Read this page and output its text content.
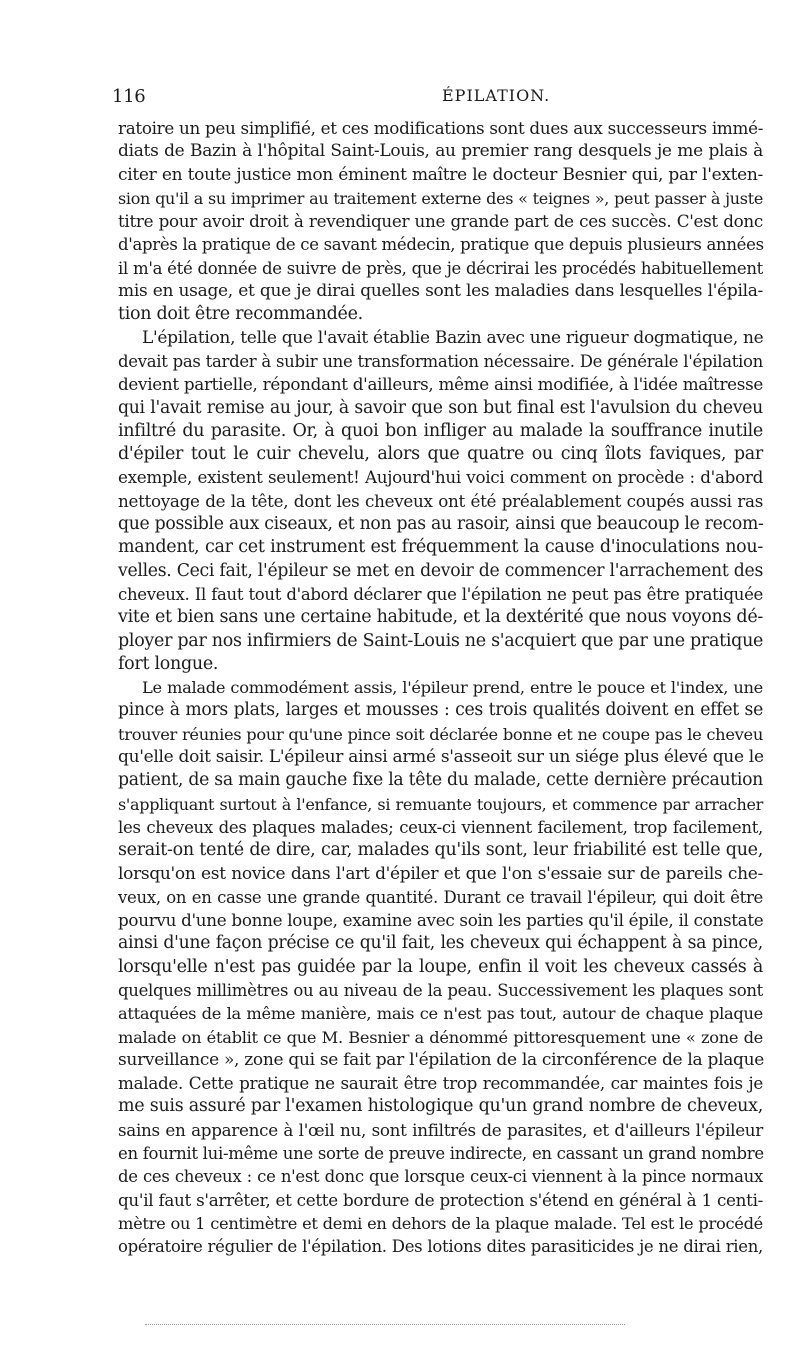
116	ÉPILATION.
ratoire un peu simplifié, et ces modifications sont dues aux successeurs immé-
diats de Bazin à l'hôpital Saint-Louis, au premier rang desquels je me plais à
citer en toute justice mon éminent maître le docteur Besnier qui, par l'exten-
sion qu'il a su imprimer au traitement externe des « teignes », peut passer à juste
titre pour avoir droit à revendiquer une grande part de ces succès. C'est donc
d'après la pratique de ce savant médecin, pratique que depuis plusieurs années
il m'a été donnée de suivre de près, que je décrirai les procédés habituellement
mis en usage, et que je dirai quelles sont les maladies dans lesquelles l'épila-
tion doit être recommandée.
L'épilation, telle que l'avait établie Bazin avec une rigueur dogmatique, ne
devait pas tarder à subir une transformation nécessaire. De générale l'épilation
devient partielle, répondant d'ailleurs, même ainsi modifiée, à l'idée maîtresse
qui l'avait remise au jour, à savoir que son but final est l'avulsion du cheveu
infiltré du parasite. Or, à quoi bon infliger au malade la souffrance inutile
d'épiler tout le cuir chevelu, alors que quatre ou cinq îlots faviques, par
exemple, existent seulement! Aujourd'hui voici comment on procède : d'abord
nettoyage de la tête, dont les cheveux ont été préalablement coupés aussi ras
que possible aux ciseaux, et non pas au rasoir, ainsi que beaucoup le recom-
mandent, car cet instrument est fréquemment la cause d'inoculations nou-
velles. Ceci fait, l'épileur se met en devoir de commencer l'arrachement des
cheveux. Il faut tout d'abord déclarer que l'épilation ne peut pas être pratiquée
vite et bien sans une certaine habitude, et la dextérité que nous voyons dé-
ployer par nos infirmiers de Saint-Louis ne s'acquiert que par une pratique
fort longue.
Le malade commodément assis, l'épileur prend, entre le pouce et l'index, une
pince à mors plats, larges et mousses : ces trois qualités doivent en effet se
trouver réunies pour qu'une pince soit déclarée bonne et ne coupe pas le cheveu
qu'elle doit saisir. L'épileur ainsi armé s'asseoit sur un siége plus élevé que le
patient, de sa main gauche fixe la tête du malade, cette dernière précaution
s'appliquant surtout à l'enfance, si remuante toujours, et commence par arracher
les cheveux des plaques malades; ceux-ci viennent facilement, trop facilement,
serait-on tenté de dire, car, malades qu'ils sont, leur friabilité est telle que,
lorsqu'on est novice dans l'art d'épiler et que l'on s'essaie sur de pareils che-
veux, on en casse une grande quantité. Durant ce travail l'épileur, qui doit être
pourvu d'une bonne loupe, examine avec soin les parties qu'il épile, il constate
ainsi d'une façon précise ce qu'il fait, les cheveux qui échappent à sa pince,
lorsqu'elle n'est pas guidée par la loupe, enfin il voit les cheveux cassés à
quelques millimètres ou au niveau de la peau. Successivement les plaques sont
attaquées de la même manière, mais ce n'est pas tout, autour de chaque plaque
malade on établit ce que M. Besnier a dénommé pittoresquement une « zone de
surveillance », zone qui se fait par l'épilation de la circonférence de la plaque
malade. Cette pratique ne saurait être trop recommandée, car maintes fois je
me suis assuré par l'examen histologique qu'un grand nombre de cheveux,
sains en apparence à l'œil nu, sont infiltrés de parasites, et d'ailleurs l'épileur
en fournit lui-même une sorte de preuve indirecte, en cassant un grand nombre
de ces cheveux : ce n'est donc que lorsque ceux-ci viennent à la pince normaux
qu'il faut s'arrêter, et cette bordure de protection s'étend en général à 1 centi-
mètre ou 1 centimètre et demi en dehors de la plaque malade. Tel est le procédé
opératoire régulier de l'épilation. Des lotions dites parasiticides je ne dirai rien,
